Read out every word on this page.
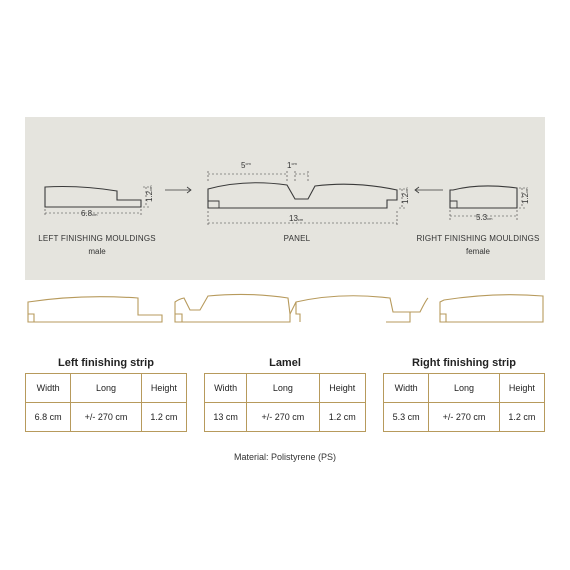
6.8cm
1.2cm
$5^{cm}$	$1^{cm}$
13cm
1.2cm
5.3cm
1.2cm
LEFT FINISHING MOULDINGS
male
PANEL	RIGHT FINISHING MOULDINGS
female
Left finishing strip
Width	Long	Height
6.8 cm	+/- 270 cm	1.2 cm
Lamel
Width	Long	Height
13 cm	+/- 270 cm	1.2 cm
Right finishing strip
Width	Long	Height
5.3 cm	+/- 270 cm	1.2 cm
Material: Polistyrene (PS)
